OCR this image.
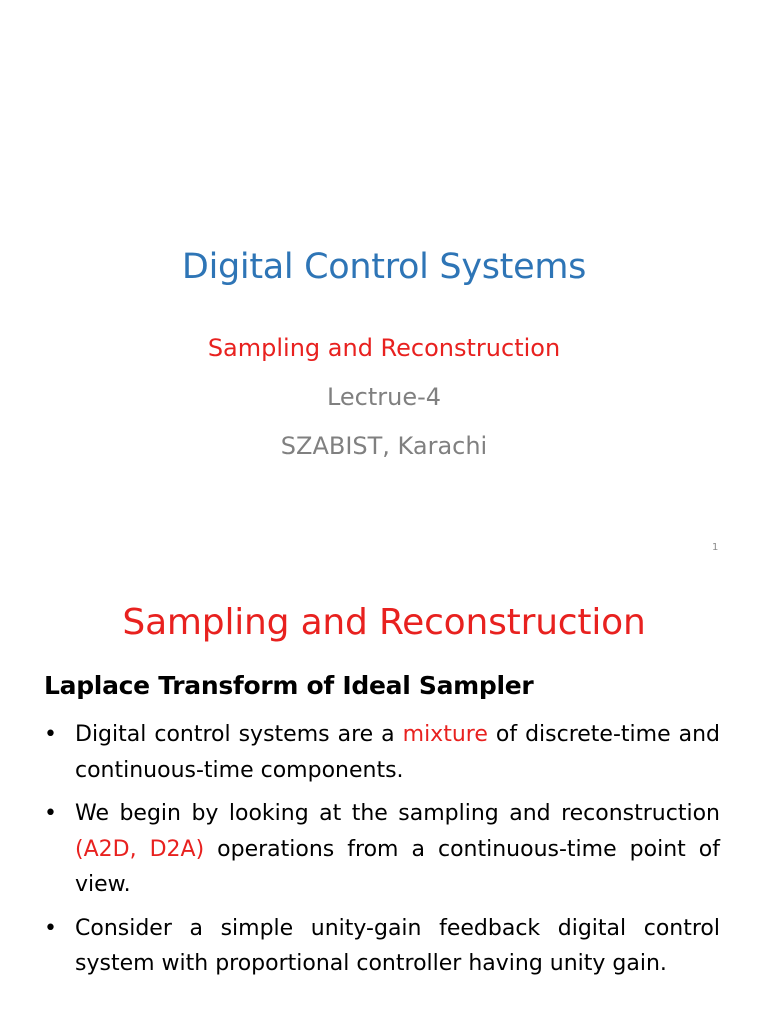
Digital Control Systems
Sampling and Reconstruction
Lectrue-4
SZABIST, Karachi
1
Sampling and Reconstruction
Laplace Transform of Ideal Sampler
• Digital control systems are a mixture of discrete-time and continuous-time components.
• We begin by looking at the sampling and reconstruction (A2D, D2A) operations from a continuous-time point of view.
• Consider a simple unity-gain feedback digital control system with proportional controller having unity gain.
